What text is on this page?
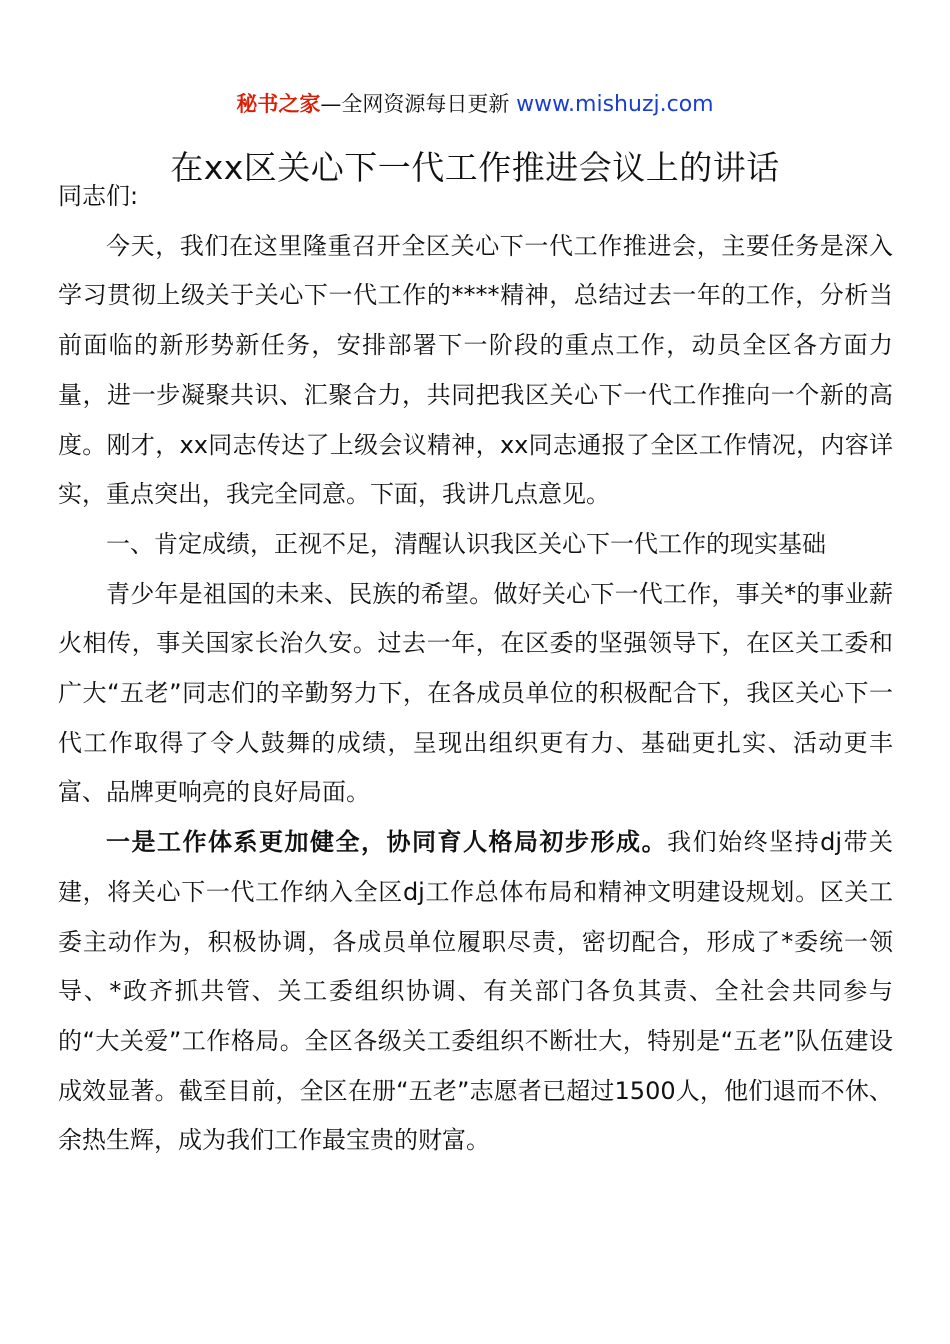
秘书之家—全网资源每日更新 www.mishuzj.com
在xx区关心下一代工作推进会议上的讲话

同志们:

今天，我们在这里隆重召开全区关心下一代工作推进会，主要任务是深入学习贯彻上级关于关心下一代工作的****精神，总结过去一年的工作，分析当前面临的新形势新任务，安排部署下一阶段的重点工作，动员全区各方面力量，进一步凝聚共识、汇聚合力，共同把我区关心下一代工作推向一个新的高度。刚才，xx同志传达了上级会议精神，xx同志通报了全区工作情况，内容详实，重点突出，我完全同意。下面，我讲几点意见。

一、肯定成绩，正视不足，清醒认识我区关心下一代工作的现实基础

青少年是祖国的未来、民族的希望。做好关心下一代工作，事关*的事业薪火相传，事关国家长治久安。过去一年，在区委的坚强领导下，在区关工委和广大“五老”同志们的辛勤努力下，在各成员单位的积极配合下，我区关心下一代工作取得了令人鼓舞的成绩，呈现出组织更有力、基础更扎实、活动更丰富、品牌更响亮的良好局面。

一是工作体系更加健全，协同育人格局初步形成。我们始终坚持dj带关建，将关心下一代工作纳入全区dj工作总体布局和精神文明建设规划。区关工委主动作为，积极协调，各成员单位履职尽责，密切配合，形成了*委统一领导、*政齐抓共管、关工委组织协调、有关部门各负其责、全社会共同参与的“大关爱”工作格局。全区各级关工委组织不断壮大，特别是“五老”队伍建设成效显著。截至目前，全区在册“五老”志愿者已超过1500人，他们退而不休、余热生辉，成为我们工作最宝贵的财富。
